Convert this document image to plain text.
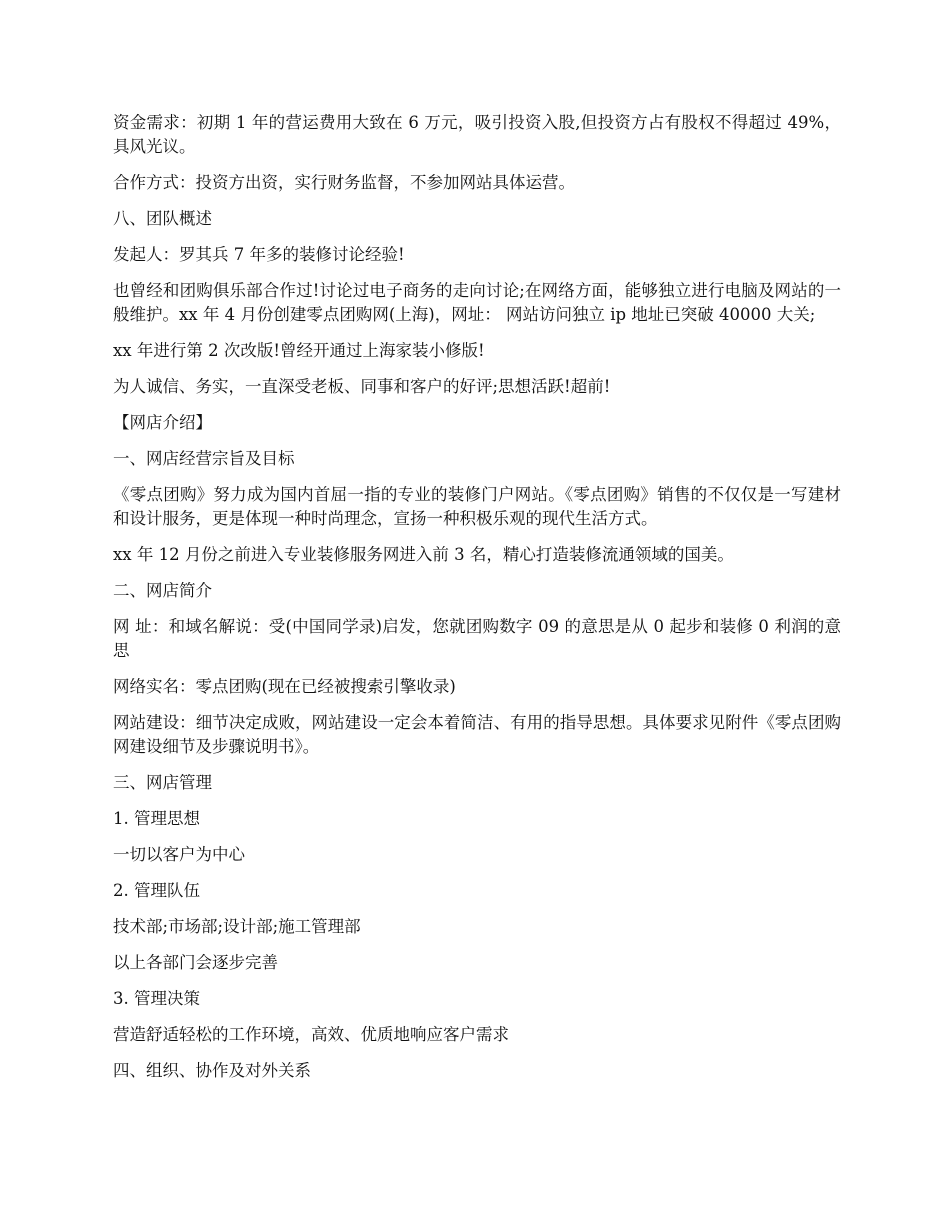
资金需求：初期 1 年的营运费用大致在 6 万元，吸引投资入股,但投资方占有股权不得超过 49%，具风光议。

合作方式：投资方出资，实行财务监督，不参加网站具体运营。

八、团队概述

发起人：罗其兵 7 年多的装修讨论经验!

也曾经和团购俱乐部合作过!讨论过电子商务的走向讨论;在网络方面，能够独立进行电脑及网站的一般维护。xx 年 4 月份创建零点团购网(上海)，网址： 网站访问独立 ip 地址已突破 40000 大关;

xx 年进行第 2 次改版!曾经开通过上海家装小修版!

为人诚信、务实，一直深受老板、同事和客户的好评;思想活跃!超前!

【网店介绍】

一、网店经营宗旨及目标

《零点团购》努力成为国内首屈一指的专业的装修门户网站。《零点团购》销售的不仅仅是一写建材和设计服务，更是体现一种时尚理念，宣扬一种积极乐观的现代生活方式。

xx 年 12 月份之前进入专业装修服务网进入前 3 名，精心打造装修流通领域的国美。

二、网店简介

网 址：和域名解说：受(中国同学录)启发，您就团购数字 09 的意思是从 0 起步和装修 0 利润的意思

网络实名：零点团购(现在已经被搜索引擎收录)

网站建设：细节决定成败，网站建设一定会本着简洁、有用的指导思想。具体要求见附件《零点团购网建设细节及步骤说明书》。

三、网店管理

1. 管理思想

一切以客户为中心

2. 管理队伍

技术部;市场部;设计部;施工管理部

以上各部门会逐步完善

3. 管理决策

营造舒适轻松的工作环境，高效、优质地响应客户需求

四、组织、协作及对外关系
